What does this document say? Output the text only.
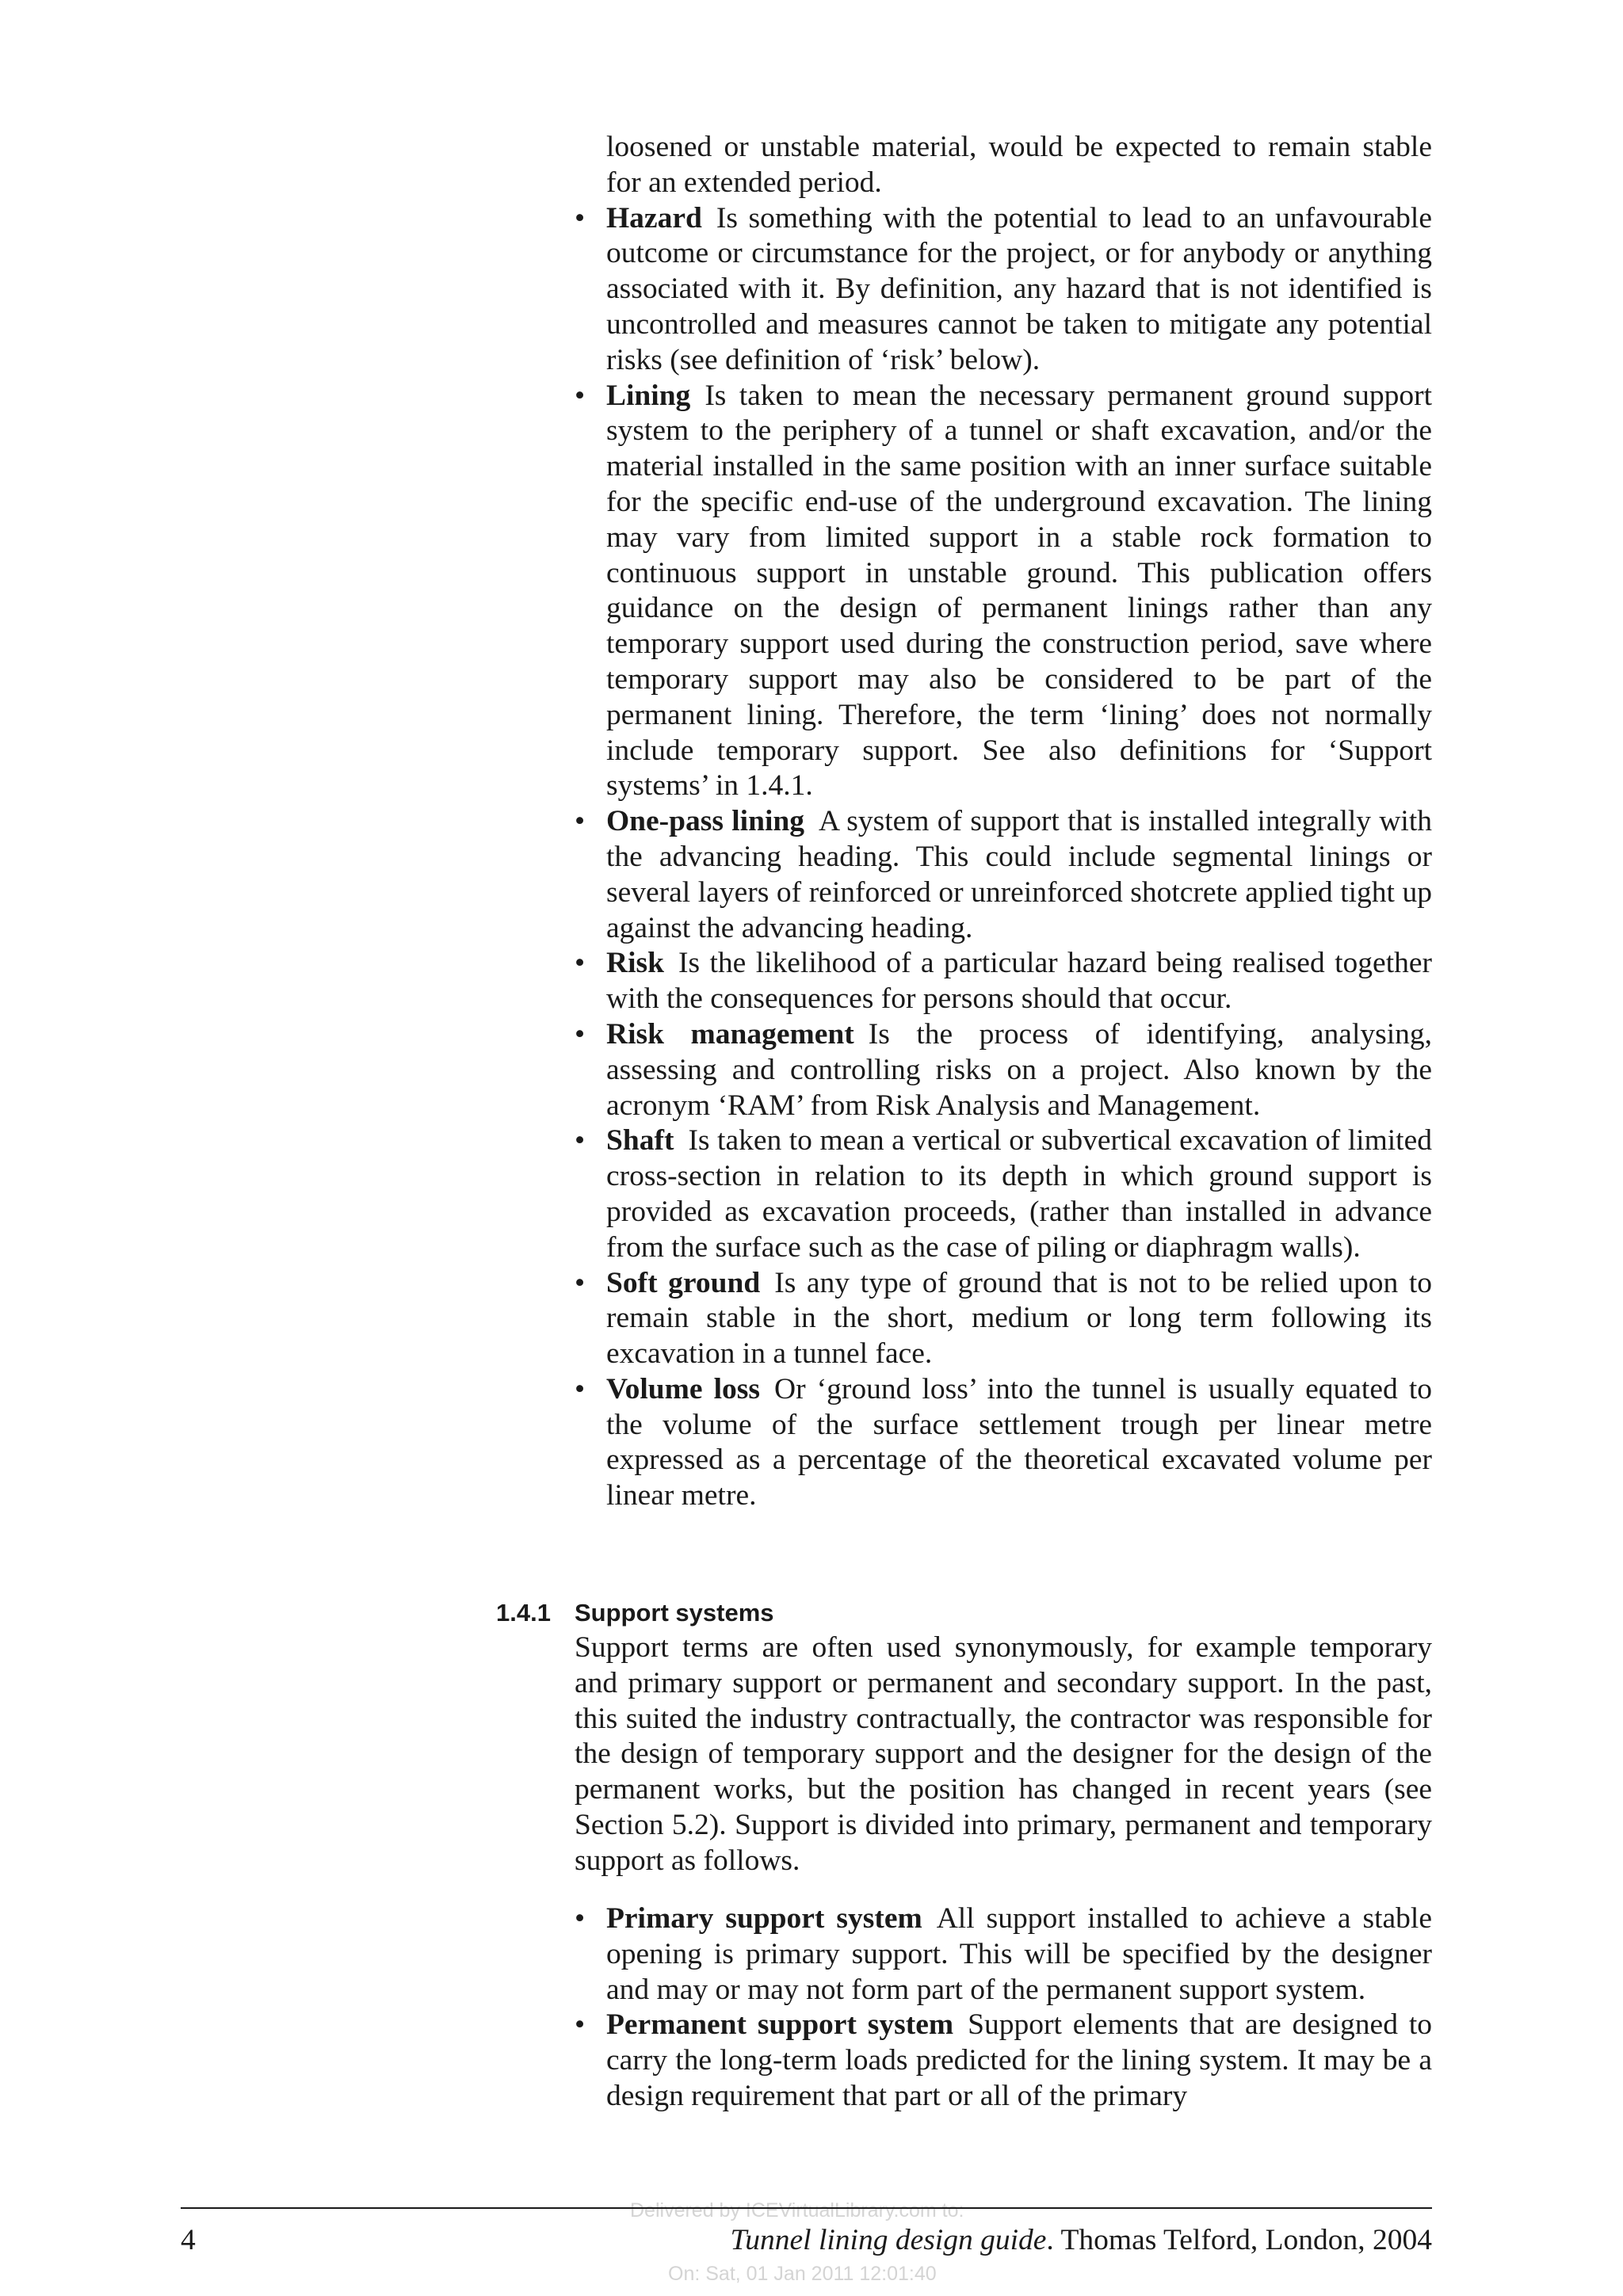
loosened or unstable material, would be expected to remain stable for an extended period.

• Hazard Is something with the potential to lead to an unfavourable outcome or circumstance for the project, or for anybody or anything associated with it. By definition, any hazard that is not identified is uncontrolled and measures cannot be taken to mitigate any potential risks (see definition of ‘risk’ below).
• Lining Is taken to mean the necessary permanent ground support system to the periphery of a tunnel or shaft excavation, and/or the material installed in the same position with an inner surface suitable for the specific end-use of the underground excavation. The lining may vary from limited support in a stable rock formation to continuous support in unstable ground. This publication offers guidance on the design of permanent linings rather than any temporary support used during the construction period, save where temporary support may also be considered to be part of the permanent lining. Therefore, the term ‘lining’ does not normally include temporary support. See also definitions for ‘Support systems’ in 1.4.1.
• One-pass lining A system of support that is installed integrally with the advancing heading. This could include segmental linings or several layers of reinforced or unreinforced shotcrete applied tight up against the advancing heading.
• Risk Is the likelihood of a particular hazard being realised together with the consequences for persons should that occur.
• Risk management Is the process of identifying, analysing, assessing and controlling risks on a project. Also known by the acronym ‘RAM’ from Risk Analysis and Management.
• Shaft Is taken to mean a vertical or subvertical excavation of limited cross-section in relation to its depth in which ground support is provided as excavation proceeds, (rather than installed in advance from the surface such as the case of piling or diaphragm walls).
• Soft ground Is any type of ground that is not to be relied upon to remain stable in the short, medium or long term following its excavation in a tunnel face.
• Volume loss Or ‘ground loss’ into the tunnel is usually equated to the volume of the surface settlement trough per linear metre expressed as a percentage of the theoretical excavated volume per linear metre.
1.4.1 Support systems

Support terms are often used synonymously, for example temporary and primary support or permanent and secondary support. In the past, this suited the industry contractually, the contractor was responsible for the design of temporary support and the designer for the design of the permanent works, but the position has changed in recent years (see Section 5.2). Support is divided into primary, permanent and temporary support as follows.

• Primary support system All support installed to achieve a stable opening is primary support. This will be specified by the designer and may or may not form part of the permanent support system.
• Permanent support system Support elements that are designed to carry the long-term loads predicted for the lining system. It may be a design requirement that part or all of the primary
Delivered by ICEVirtualLibrary.com to:
On: Sat, 01 Jan 2011 12:01:40
4	Tunnel lining design guide. Thomas Telford, London, 2004
